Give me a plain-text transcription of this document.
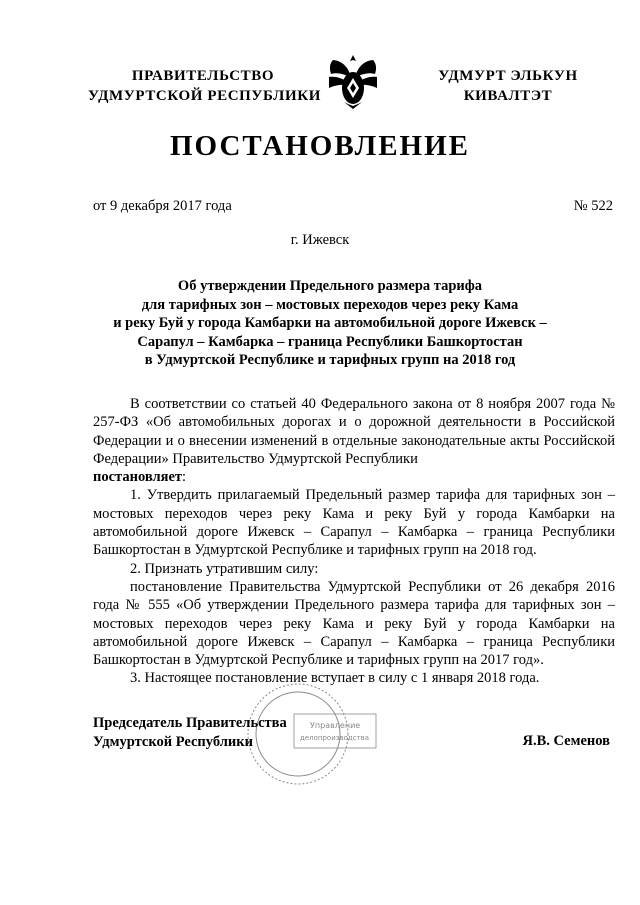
ПРАВИТЕЛЬСТВО
УДМУРТСКОЙ РЕСПУБЛИКИ
УДМУРТ ЭЛЬКУН
КИВАЛТЭТ
ПОСТАНОВЛЕНИЕ
от 9 декабря 2017 года	№ 522
г. Ижевск
Об утверждении Предельного размера тарифа
для тарифных зон – мостовых переходов через реку Кама
и реку Буй у города Камбарки на автомобильной дороге Ижевск –
Сарапул – Камбарка – граница Республики Башкортостан
в Удмуртской Республике и тарифных групп на 2018 год

В соответствии со статьей 40 Федерального закона от 8 ноября 2007 года № 257-ФЗ «Об автомобильных дорогах и о дорожной деятельности в Российской Федерации и о внесении изменений в отдельные законодательные акты Российской Федерации» Правительство Удмуртской Республики
постановляет:

1. Утвердить прилагаемый Предельный размер тарифа для тарифных зон – мостовых переходов через реку Кама и реку Буй у города Камбарки на автомобильной дороге Ижевск – Сарапул – Камбарка – граница Республики Башкортостан в Удмуртской Республике и тарифных групп на 2018 год.

2. Признать утратившим силу:

постановление Правительства Удмуртской Республики от 26 декабря 2016 года № 555 «Об утверждении Предельного размера тарифа для тарифных зон – мостовых переходов через реку Кама и реку Буй у города Камбарки на автомобильной дороге Ижевск – Сарапул – Камбарка – граница Республики Башкортостан в Удмуртской Республике и тарифных групп на 2017 год».

3. Настоящее постановление вступает в силу с 1 января 2018 года.

Управление
делопроизводства
Председатель Правительства
Удмуртской Республики	Я.В. Семенов
